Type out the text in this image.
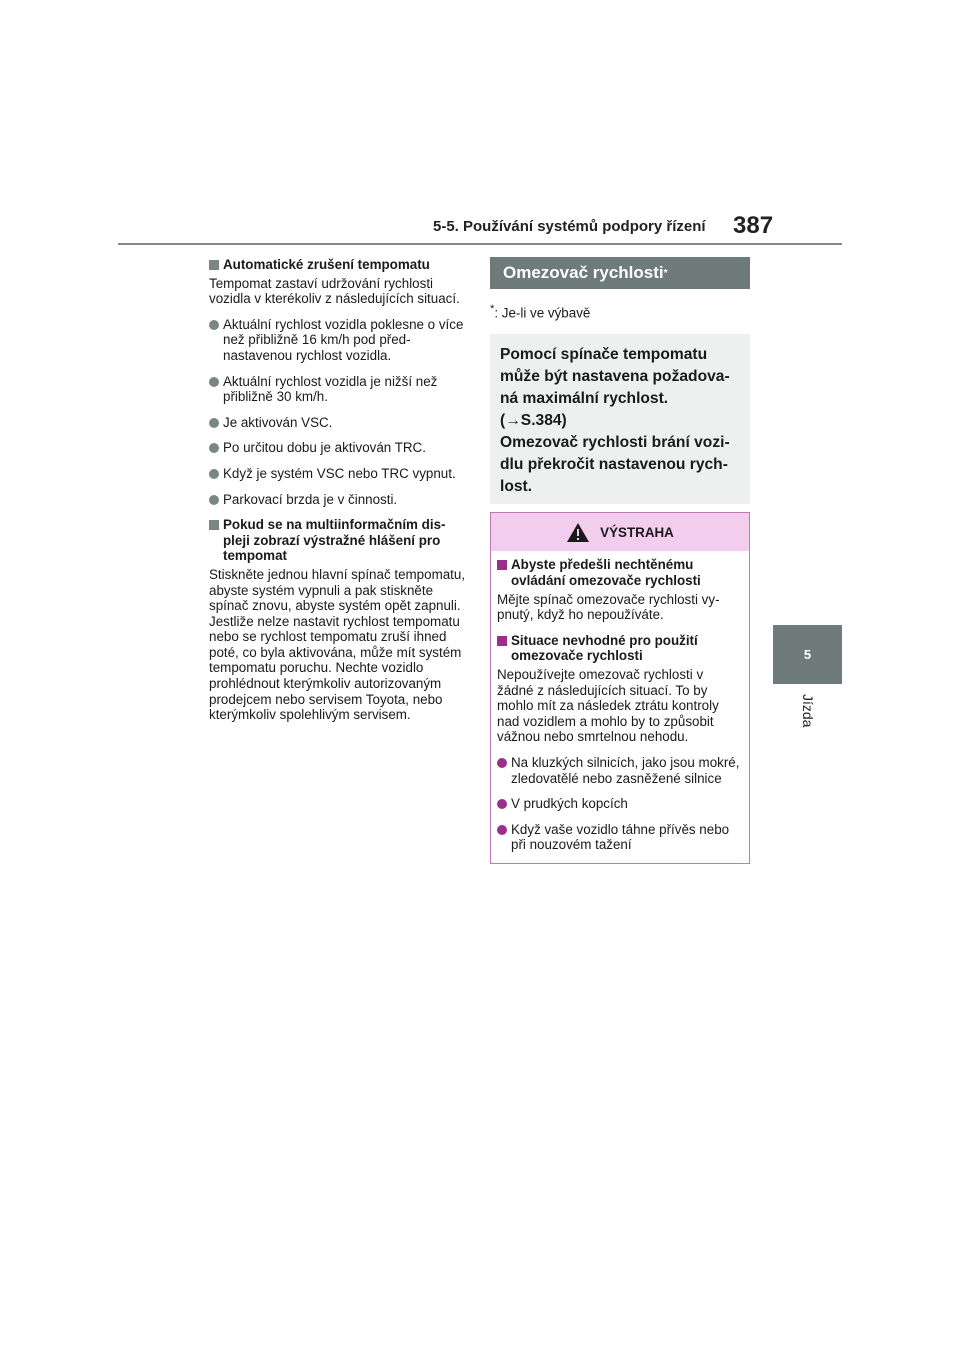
5-5. Používání systémů podpory řízení 387
5
Jízda
Automatické zrušení tempomatu

Tempomat zastaví udržování rychlosti vozidla v kterékoliv z následujících situací.

Aktuální rychlost vozidla poklesne o více než přibližně 16 km/h pod přednastavenou rychlost vozidla.
Aktuální rychlost vozidla je nižší než přibližně 30 km/h.
Je aktivován VSC.
Po určitou dobu je aktivován TRC.
Když je systém VSC nebo TRC vypnut.
Parkovací brzda je v činnosti.
Pokud se na multiinformačním displeji zobrazí výstražné hlášení pro tempomat

Stiskněte jednou hlavní spínač tempomatu, abyste systém vypnuli a pak stiskněte spínač znovu, abyste systém opět zapnuli. Jestliže nelze nastavit rychlost tempomatu nebo se rychlost tempomatu zruší ihned poté, co byla aktivována, může mít systém tempomatu poruchu. Nechte vozidlo prohlédnout kterýmkoliv autorizovaným prodejcem nebo servisem Toyota, nebo kterýmkoliv spolehlivým servisem.

Omezovač rychlosti *
*: Je-li ve výbavě

Pomocí spínače tempomatu může být nastavena požadovaná maximální rychlost.

(→S.384)

Omezovač rychlosti brání vozidlu překročit nastavenou rychlost.

VÝSTRAHA
Abyste předešli nechtěnému ovládání omezovače rychlosti

Mějte spínač omezovače rychlosti vypnutý, když ho nepoužíváte.

Situace nevhodné pro použití omezovače rychlosti

Nepoužívejte omezovač rychlosti v žádné z následujících situací. To by mohlo mít za následek ztrátu kontroly nad vozidlem a mohlo by to způsobit vážnou nebo smrtelnou nehodu.

Na kluzkých silnicích, jako jsou mokré, zledovatělé nebo zasněžené silnice
V prudkých kopcích
Když vaše vozidlo táhne přívěs nebo při nouzovém tažení
